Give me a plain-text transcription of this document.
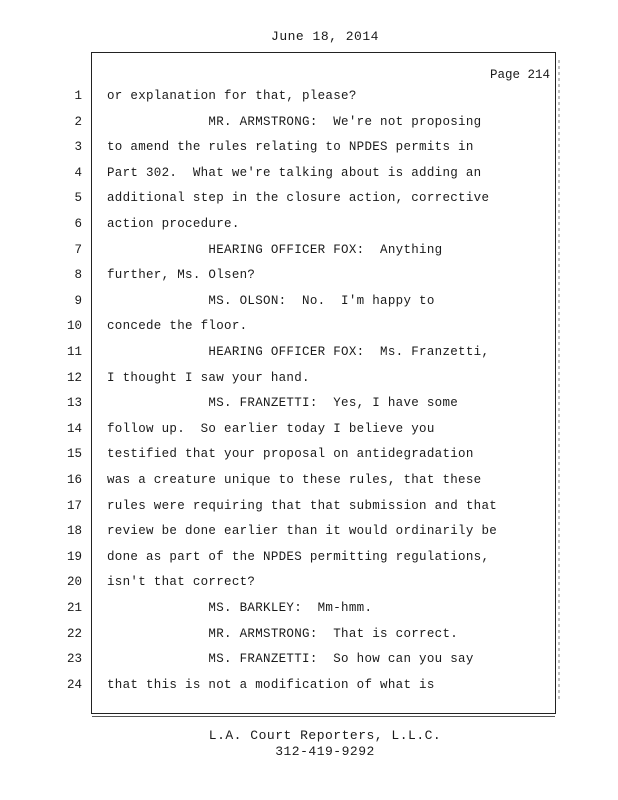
June 18, 2014
Page 214
1 or explanation for that, please?
2 MR. ARMSTRONG:  We're not proposing
3 to amend the rules relating to NPDES permits in
4 Part 302.  What we're talking about is adding an
5 additional step in the closure action, corrective
6 action procedure.
7 HEARING OFFICER FOX:  Anything
8 further, Ms. Olsen?
9 MS. OLSON:  No.  I'm happy to
10 concede the floor.
11 HEARING OFFICER FOX:  Ms. Franzetti,
12 I thought I saw your hand.
13 MS. FRANZETTI:  Yes, I have some
14 follow up.  So earlier today I believe you
15 testified that your proposal on antidegradation
16 was a creature unique to these rules, that these
17 rules were requiring that that submission and that
18 review be done earlier than it would ordinarily be
19 done as part of the NPDES permitting regulations,
20 isn't that correct?
21 MS. BARKLEY:  Mm-hmm.
22 MR. ARMSTRONG:  That is correct.
23 MS. FRANZETTI:  So how can you say
24 that this is not a modification of what is
L.A. Court Reporters, L.L.C.
312-419-9292
